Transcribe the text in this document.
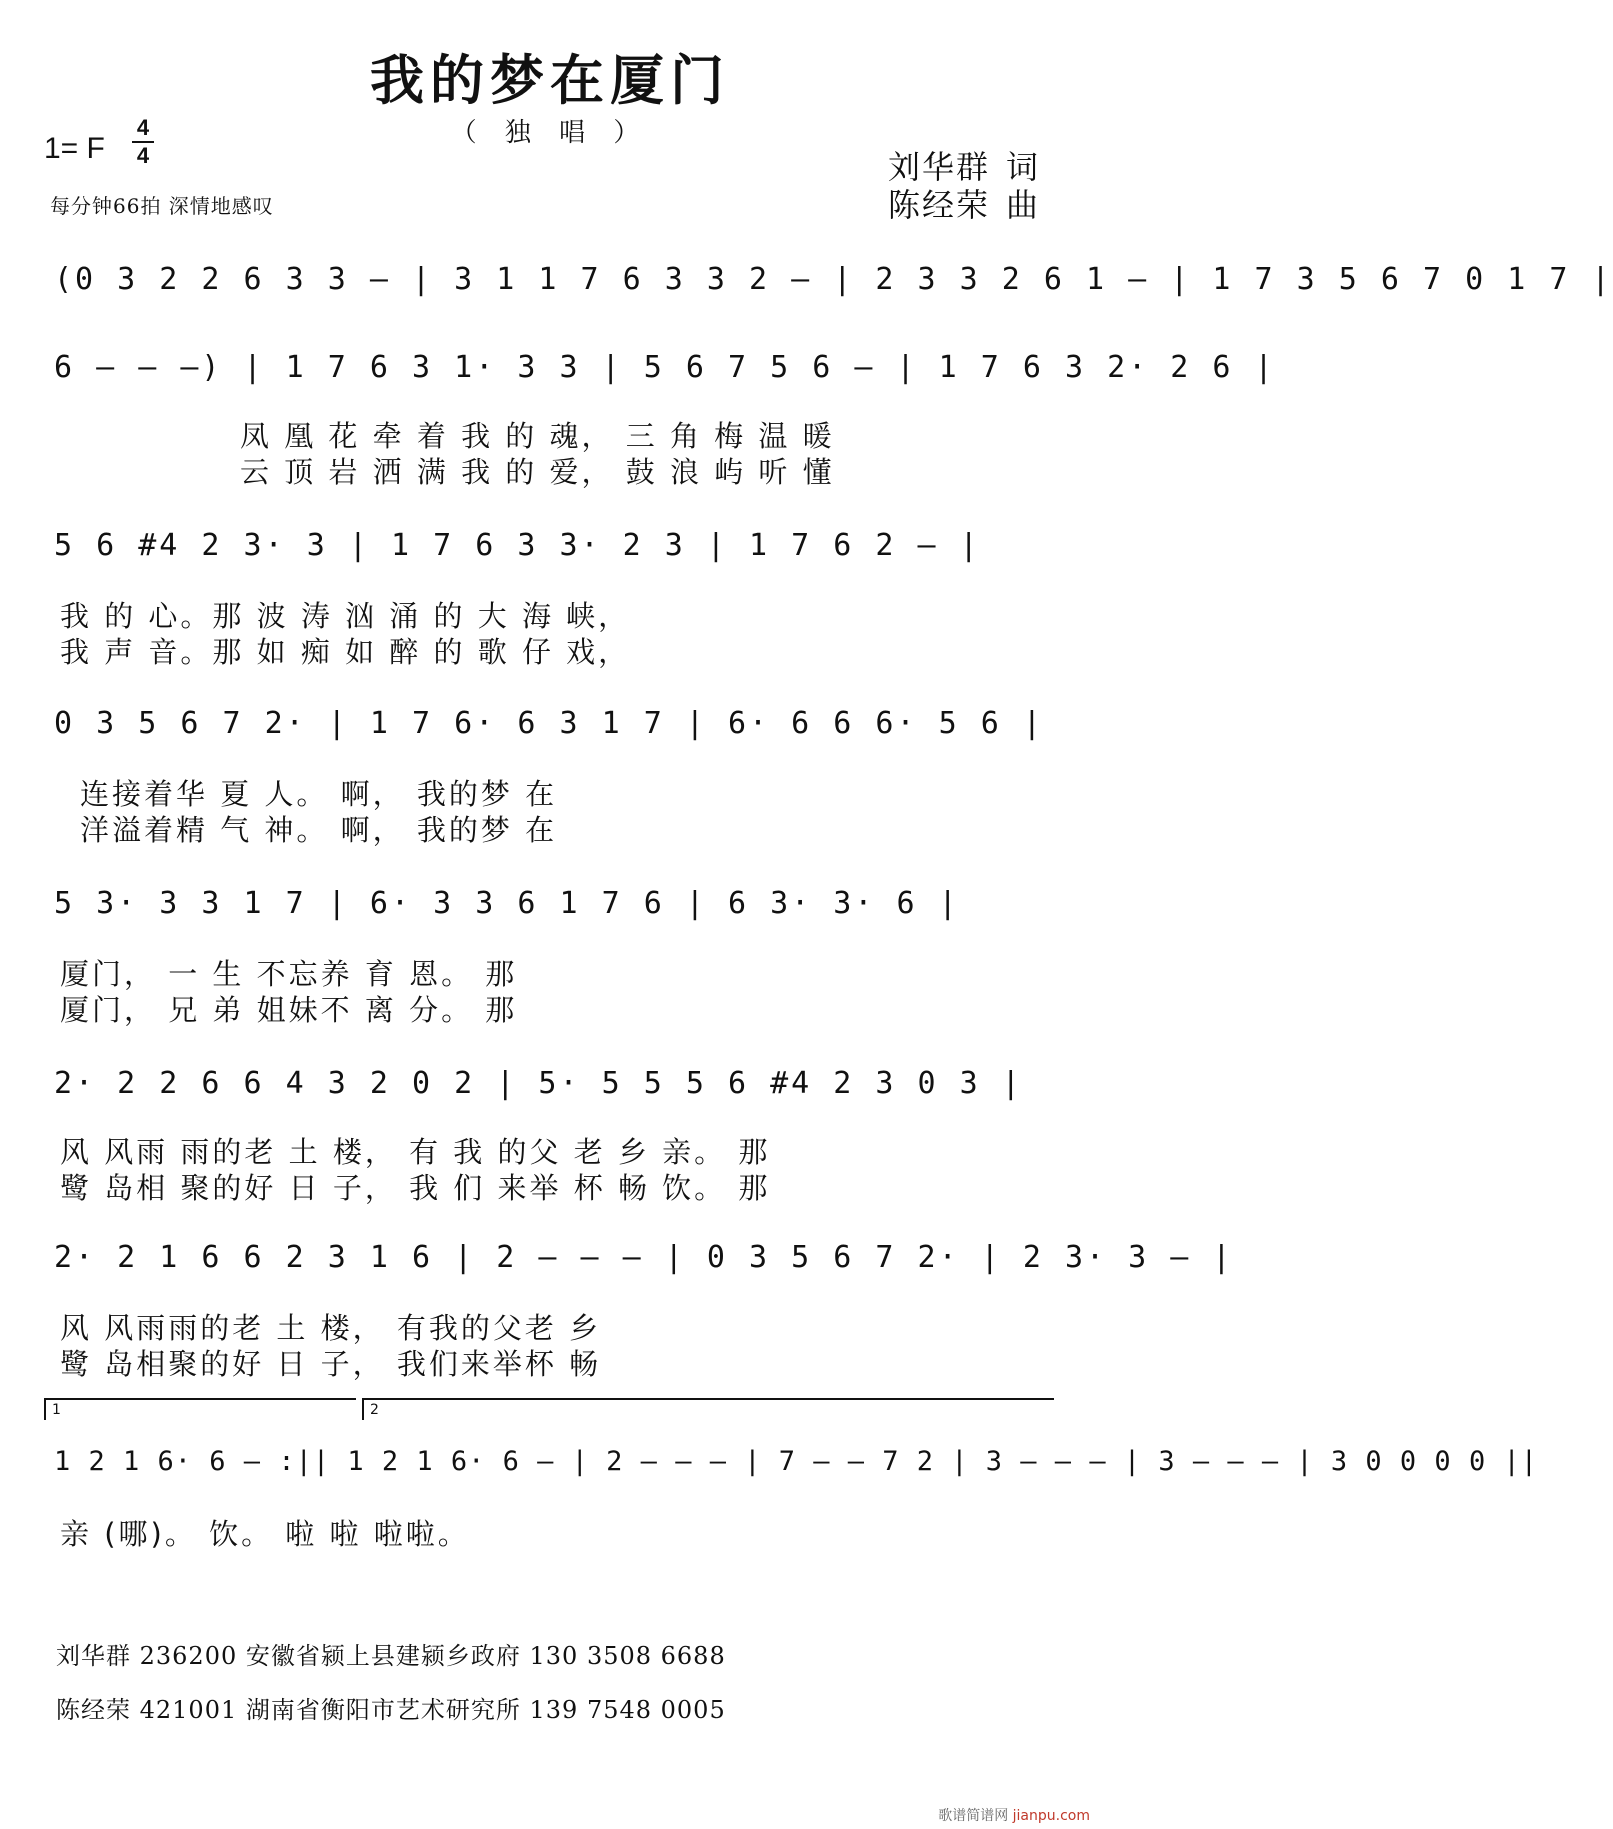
我的梦在厦门
（ 独 唱 ）
1= F
4
4
每分钟66拍 深情地感叹
刘华群 词
陈经荣 曲
(0 3 2 2 6 3 3 – | 3 1 1 7 6 3 3 2 – | 2 3 3 2 6 1 – | 1 7 3 5 6 7 0 1 7 |
6 – – –) | 1 7 6 3 1· 3 3 | 5 6 7 5 6 – | 1 7 6 3 2· 2 6 |
凤 凰 花 牵 着 我 的 魂， 三 角 梅 温 暖
云 顶 岩 洒 满 我 的 爱， 鼓 浪 屿 听 懂
5 6 #4 2 3· 3 | 1 7 6 3 3· 2 3 | 1 7 6 2 – |
我 的 心。那 波 涛 汹 涌 的 大 海 峡，
我 声 音。那 如 痴 如 醉 的 歌 仔 戏，
0 3 5 6 7 2· | 1 7 6· 6 3 1 7 | 6· 6 6 6· 5 6 |
连接着华 夏 人。 啊， 我的梦 在
洋溢着精 气 神。 啊， 我的梦 在
5 3· 3 3 1 7 | 6· 3 3 6 1 7 6 | 6 3· 3· 6 |
厦门， 一 生 不忘养 育 恩。 那
厦门， 兄 弟 姐妹不 离 分。 那
2· 2 2 6 6 4 3 2 0 2 | 5· 5 5 5 6 #4 2 3 0 3 |
风 风雨 雨的老 土 楼， 有 我 的父 老 乡 亲。 那
鹭 岛相 聚的好 日 子， 我 们 来举 杯 畅 饮。 那
2· 2 1 6 6 2 3 1 6 | 2 – – – | 0 3 5 6 7 2· | 2 3· 3 – |
风 风雨雨的老 土 楼， 有我的父老 乡
鹭 岛相聚的好 日 子， 我们来举杯 畅
1	2
1 2 1 6· 6 – :|| 1 2 1 6· 6 – | 2 – – – | 7 – – 7 2 | 3 – – – | 3 – – – | 3 0 0 0 0 ||
亲 (哪)。 饮。 啦 啦 啦啦。
刘华群 236200 安徽省颍上县建颍乡政府 130 3508 6688
陈经荣 421001 湖南省衡阳市艺术研究所 139 7548 0005
歌谱简谱网 jianpu.com
